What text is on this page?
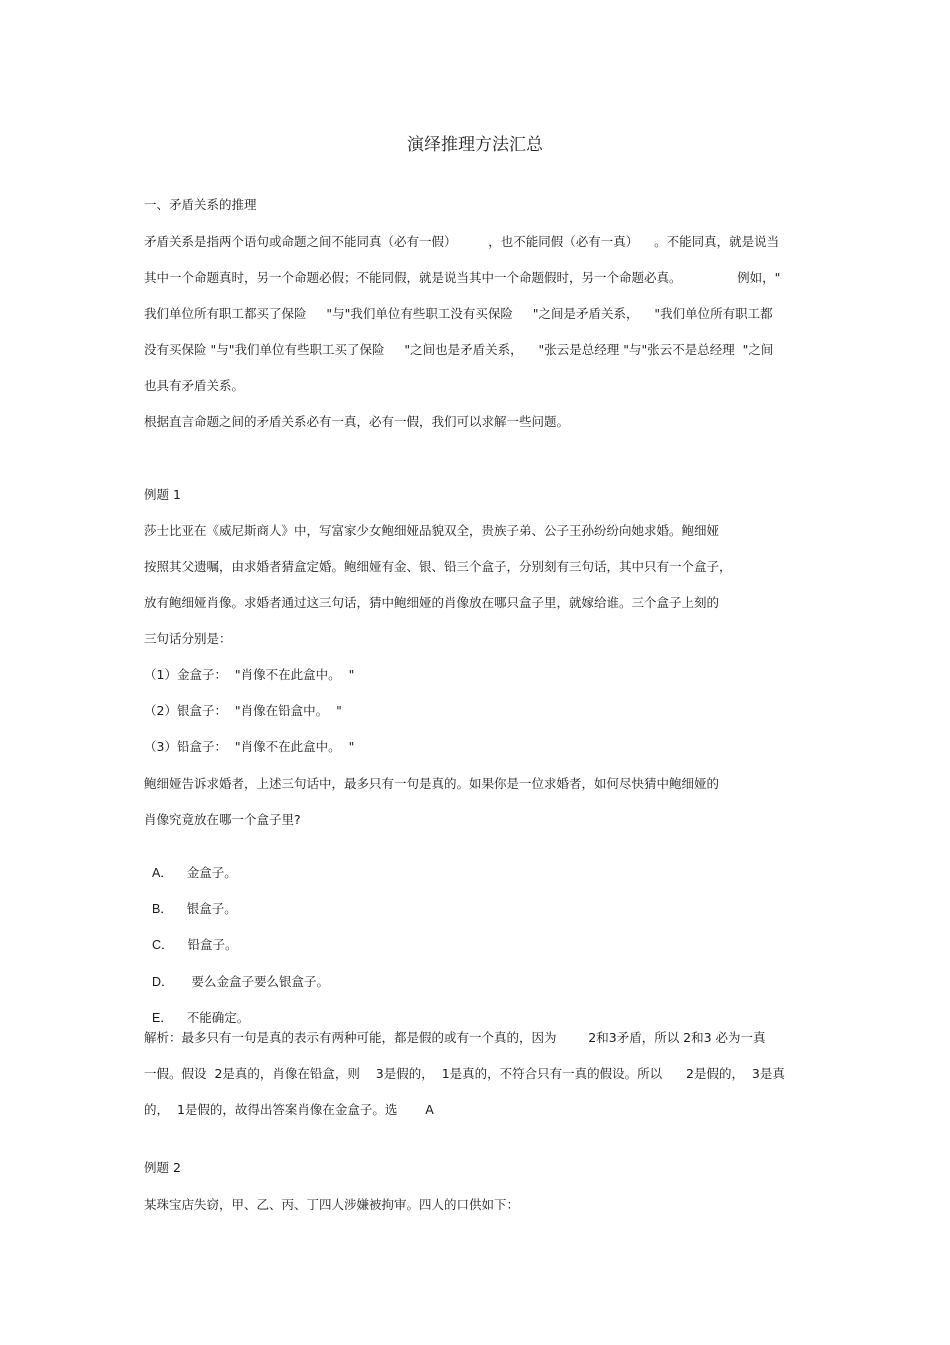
演绎推理方法汇总
一、矛盾关系的推理
矛盾关系是指两个语句或命题之间不能同真（必有一假）        ，也不能同假（必有一真）    。不能同真，就是说当
其中一个命题真时，另一个命题必假；不能同假，就是说当其中一个命题假时，另一个命题必真。              例如，"
我们单位所有职工都买了保险     "与"我们单位有些职工没有买保险     "之间是矛盾关系，    "我们单位所有职工都
没有买保险 "与"我们单位有些职工买了保险     "之间也是矛盾关系，    "张云是总经理 "与"张云不是总经理  "之间
也具有矛盾关系。
根据直言命题之间的矛盾关系必有一真，必有一假，我们可以求解一些问题。
例题 1
莎士比亚在《威尼斯商人》中，写富家少女鲍细娅品貌双全，贵族子弟、公子王孙纷纷向她求婚。鲍细娅
按照其父遗嘱，由求婚者猜盒定婚。鲍细娅有金、银、铅三个盒子，分别刻有三句话，其中只有一个盒子，
放有鲍细娅肖像。求婚者通过这三句话，猜中鲍细娅的肖像放在哪只盒子里，就嫁给谁。三个盒子上刻的
三句话分别是：
（1）金盒子：  "肖像不在此盒中。  "
（2）银盒子：  "肖像在铅盒中。  "
（3）铅盒子：  "肖像不在此盒中。  "
鲍细娅告诉求婚者，上述三句话中，最多只有一句是真的。如果你是一位求婚者，如何尽快猜中鲍细娅的
肖像究竟放在哪一个盒子里?

A． 金盒子。

B． 银盒子。

C． 铅盒子。

D． 要么金盒子要么银盒子。

E． 不能确定。

解析：最多只有一句是真的表示有两种可能，都是假的或有一个真的，因为        2和3矛盾，所以 2和3 必为一真
一假。假设  2是真的，肖像在铅盒，则    3是假的，  1是真的，不符合只有一真的假设。所以      2是假的，  3是真
的，  1是假的，故得出答案肖像在金盒子。选       A
例题 2
某珠宝店失窃，甲、乙、丙、丁四人涉嫌被拘审。四人的口供如下：
